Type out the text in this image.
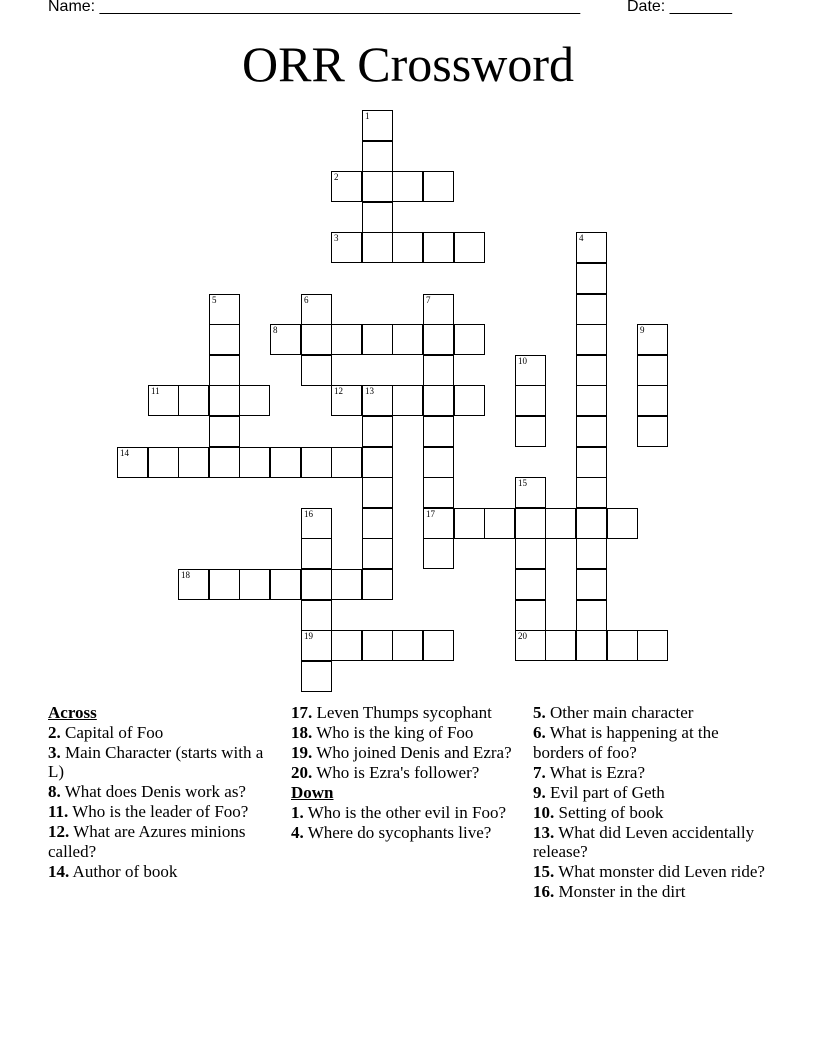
Name: ______________________________________________________	Date: _______
ORR Crossword
2
3
8
11	12 13
14
17
18
19	20
1
4
5	6	7
9
10
15
16
Across
2. Capital of Foo
3. Main Character (starts with a L)
8. What does Denis work as?
11. Who is the leader of Foo?
12. What are Azures minions called?
14. Author of book
17. Leven Thumps sycophant
18. Who is the king of Foo
19. Who joined Denis and Ezra?
20. Who is Ezra's follower?
Down
1. Who is the other evil in Foo?
4. Where do sycophants live?
5. Other main character
6. What is happening at the borders of foo?
7. What is Ezra?
9. Evil part of Geth
10. Setting of book
13. What did Leven accidentally release?
15. What monster did Leven ride?
16. Monster in the dirt
